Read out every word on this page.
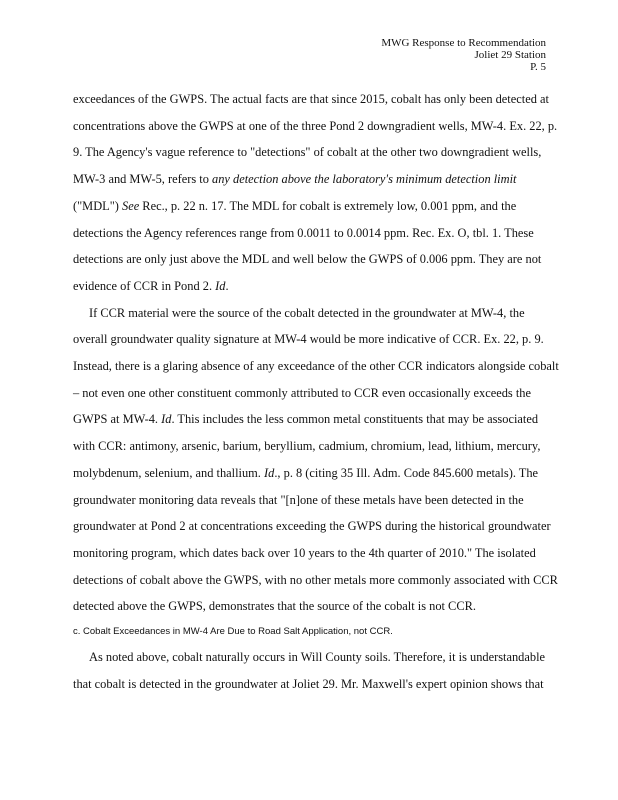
MWG Response to Recommendation
Joliet 29 Station
P. 5

exceedances of the GWPS. The actual facts are that since 2015, cobalt has only been detected at concentrations above the GWPS at one of the three Pond 2 downgradient wells, MW-4. Ex. 22, p. 9. The Agency's vague reference to "detections" of cobalt at the other two downgradient wells, MW-3 and MW-5, refers to any detection above the laboratory's minimum detection limit ("MDL") See Rec., p. 22 n. 17. The MDL for cobalt is extremely low, 0.001 ppm, and the detections the Agency references range from 0.0011 to 0.0014 ppm. Rec. Ex. O, tbl. 1. These detections are only just above the MDL and well below the GWPS of 0.006 ppm. They are not evidence of CCR in Pond 2. Id.

If CCR material were the source of the cobalt detected in the groundwater at MW-4, the overall groundwater quality signature at MW-4 would be more indicative of CCR. Ex. 22, p. 9. Instead, there is a glaring absence of any exceedance of the other CCR indicators alongside cobalt – not even one other constituent commonly attributed to CCR even occasionally exceeds the GWPS at MW-4. Id. This includes the less common metal constituents that may be associated with CCR: antimony, arsenic, barium, beryllium, cadmium, chromium, lead, lithium, mercury, molybdenum, selenium, and thallium. Id., p. 8 (citing 35 Ill. Adm. Code 845.600 metals). The groundwater monitoring data reveals that "[n]one of these metals have been detected in the groundwater at Pond 2 at concentrations exceeding the GWPS during the historical groundwater monitoring program, which dates back over 10 years to the 4th quarter of 2010." The isolated detections of cobalt above the GWPS, with no other metals more commonly associated with CCR detected above the GWPS, demonstrates that the source of the cobalt is not CCR.

c. Cobalt Exceedances in MW-4 Are Due to Road Salt Application, not CCR.

As noted above, cobalt naturally occurs in Will County soils. Therefore, it is understandable that cobalt is detected in the groundwater at Joliet 29. Mr. Maxwell's expert opinion shows that
